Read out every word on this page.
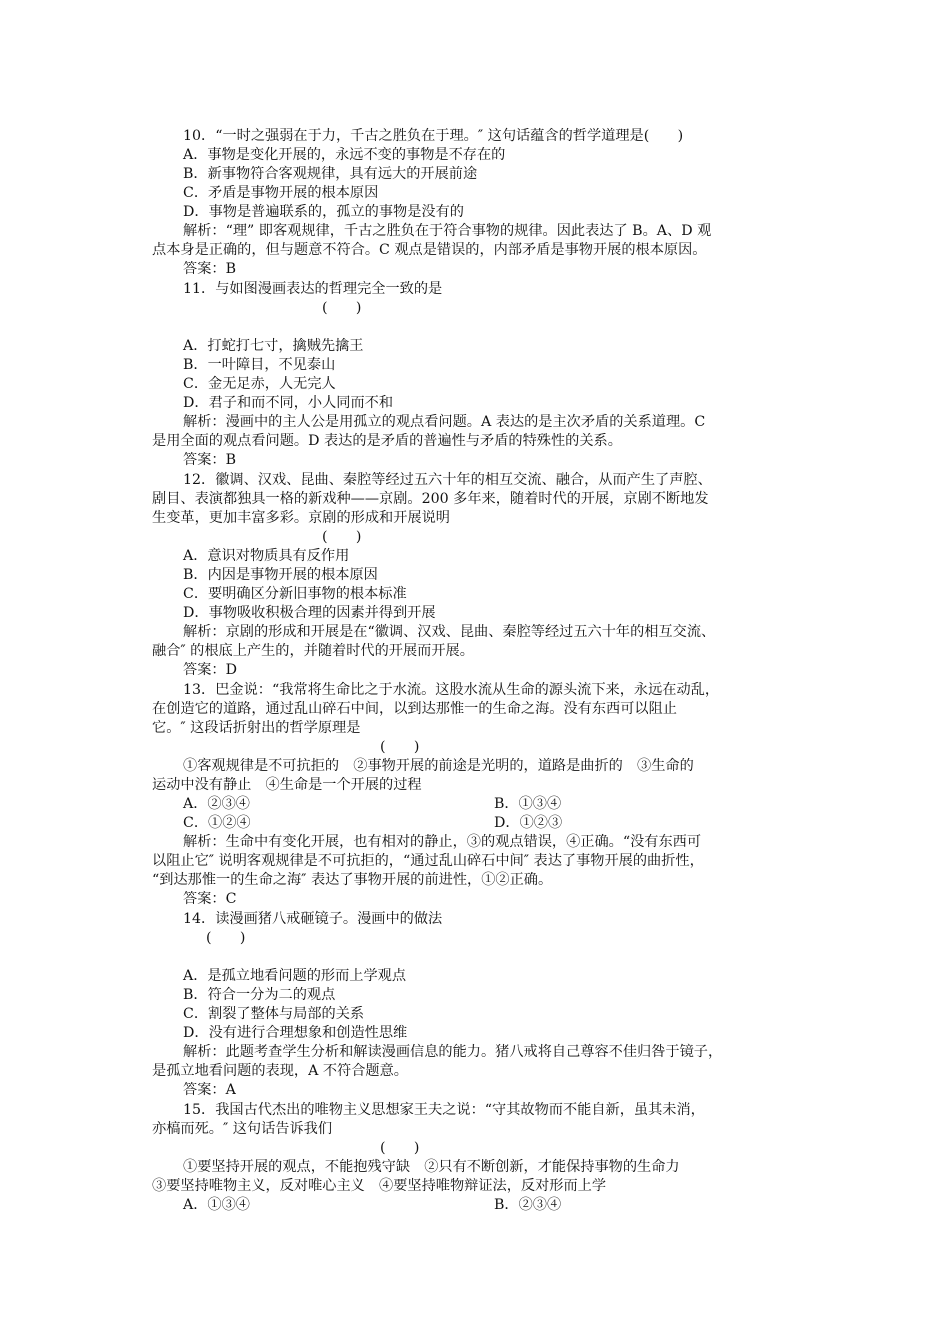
10．“一时之强弱在于力，千古之胜负在于理。″ 这句话蕴含的哲学道理是(　　)
A．事物是变化开展的，永远不变的事物是不存在的
B．新事物符合客观规律，具有远大的开展前途
C．矛盾是事物开展的根本原因
D．事物是普遍联系的，孤立的事物是没有的
解析：“理” 即客观规律，千古之胜负在于符合事物的规律。因此表达了 B。A、D 观
点本身是正确的，但与题意不符合。C 观点是错误的，内部矛盾是事物开展的根本原因。
答案：B
11．与如图漫画表达的哲理完全一致的是
(　　)
A．打蛇打七寸，擒贼先擒王
B．一叶障目，不见泰山
C．金无足赤，人无完人
D．君子和而不同，小人同而不和
解析：漫画中的主人公是用孤立的观点看问题。A 表达的是主次矛盾的关系道理。C
是用全面的观点看问题。D 表达的是矛盾的普遍性与矛盾的特殊性的关系。
答案：B
12．徽调、汉戏、昆曲、秦腔等经过五六十年的相互交流、融合，从而产生了声腔、
剧目、表演都独具一格的新戏种——京剧。200 多年来，随着时代的开展，京剧不断地发
生变革，更加丰富多彩。京剧的形成和开展说明
(　　)
A．意识对物质具有反作用
B．内因是事物开展的根本原因
C．要明确区分新旧事物的根本标准
D．事物吸收积极合理的因素并得到开展
解析：京剧的形成和开展是在“徽调、汉戏、昆曲、秦腔等经过五六十年的相互交流、
融合″ 的根底上产生的，并随着时代的开展而开展。
答案：D
13．巴金说：“我常将生命比之于水流。这股水流从生命的源头流下来，永远在动乱，
在创造它的道路，通过乱山碎石中间，以到达那惟一的生命之海。没有东西可以阻止
它。″ 这段话折射出的哲学原理是
(　　)
①客观规律是不可抗拒的　②事物开展的前途是光明的，道路是曲折的　③生命的
运动中没有静止　④生命是一个开展的过程
A．②③④	B．①③④
C．①②④	D．①②③
解析：生命中有变化开展，也有相对的静止，③的观点错误，④正确。“没有东西可
以阻止它″ 说明客观规律是不可抗拒的，“通过乱山碎石中间″ 表达了事物开展的曲折性，
“到达那惟一的生命之海″ 表达了事物开展的前进性，①②正确。
答案：C
14．读漫画猪八戒砸镜子。漫画中的做法
(　　)
A．是孤立地看问题的形而上学观点
B．符合一分为二的观点
C．割裂了整体与局部的关系
D．没有进行合理想象和创造性思维
解析：此题考查学生分析和解读漫画信息的能力。猪八戒将自己尊容不佳归咎于镜子，
是孤立地看问题的表现，A 不符合题意。
答案：A
15．我国古代杰出的唯物主义思想家王夫之说：“守其故物而不能自新，虽其未消，
亦槁而死。″ 这句话告诉我们
(　　)
①要坚持开展的观点，不能抱残守缺　②只有不断创新，才能保持事物的生命力
③要坚持唯物主义，反对唯心主义　④要坚持唯物辩证法，反对形而上学
A．①③④	B．②③④
